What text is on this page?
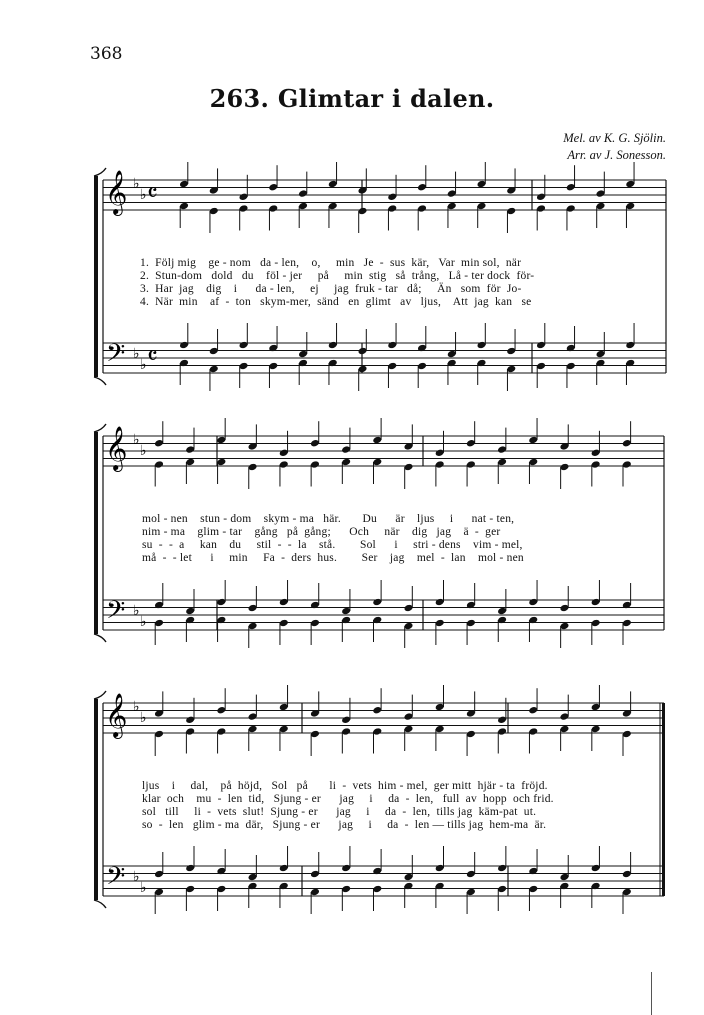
368
263. Glimtar i dalen.
Mel. av K. G. Sjölin.
Arr. av J. Sonesson.
𝄞
𝄢
♭
♭
♭
♭
𝄴
𝄴
𝄞
𝄢
♭
♭
♭
♭
𝄞
𝄢
♭
♭
♭
♭
1.  Följ mig    ge - nom   da - len,    o,     min   Je  -  sus  kär,   Var  min sol,  när
2.  Stun-dom   dold   du    föl - jer     på     min  stig   så  trång,   Lå - ter dock  för-
3.  Har  jag    dig    i      da - len,     ej     jag  fruk - tar   då;     Än   som  för  Jo-
4.  När  min    af  -  ton   skym-mer,  sänd   en  glimt   av   ljus,    Att  jag  kan   se
mol - nen    stun - dom    skym - ma   här.       Du      är    ljus     i      nat - ten,
nim - ma    glim - tar    gång   på  gång;      Och     när    dig   jag    ä  -  ger
su  -  -  a     kan    du     stil  -  -  la    stå.        Sol      i     stri - dens    vim - mel,
må  -  - let      i     min     Fa  -  ders  hus.        Ser    jag    mel  -  lan    mol - nen
ljus    i     dal,    på  höjd,   Sol   på       li  -  vets  him - mel,  ger mitt  hjär - ta  fröjd.
klar  och    mu  -  len  tid,   Sjung - er      jag     i     da  -  len,   full  av  hopp  och frid.
sol   till     li  -  vets  slut!  Sjung - er      jag     i     da  -  len,  tills jag  käm-pat  ut.
so  -  len   glim - ma  där,   Sjung - er      jag     i     da  -  len — tills jag  hem-ma  är.
